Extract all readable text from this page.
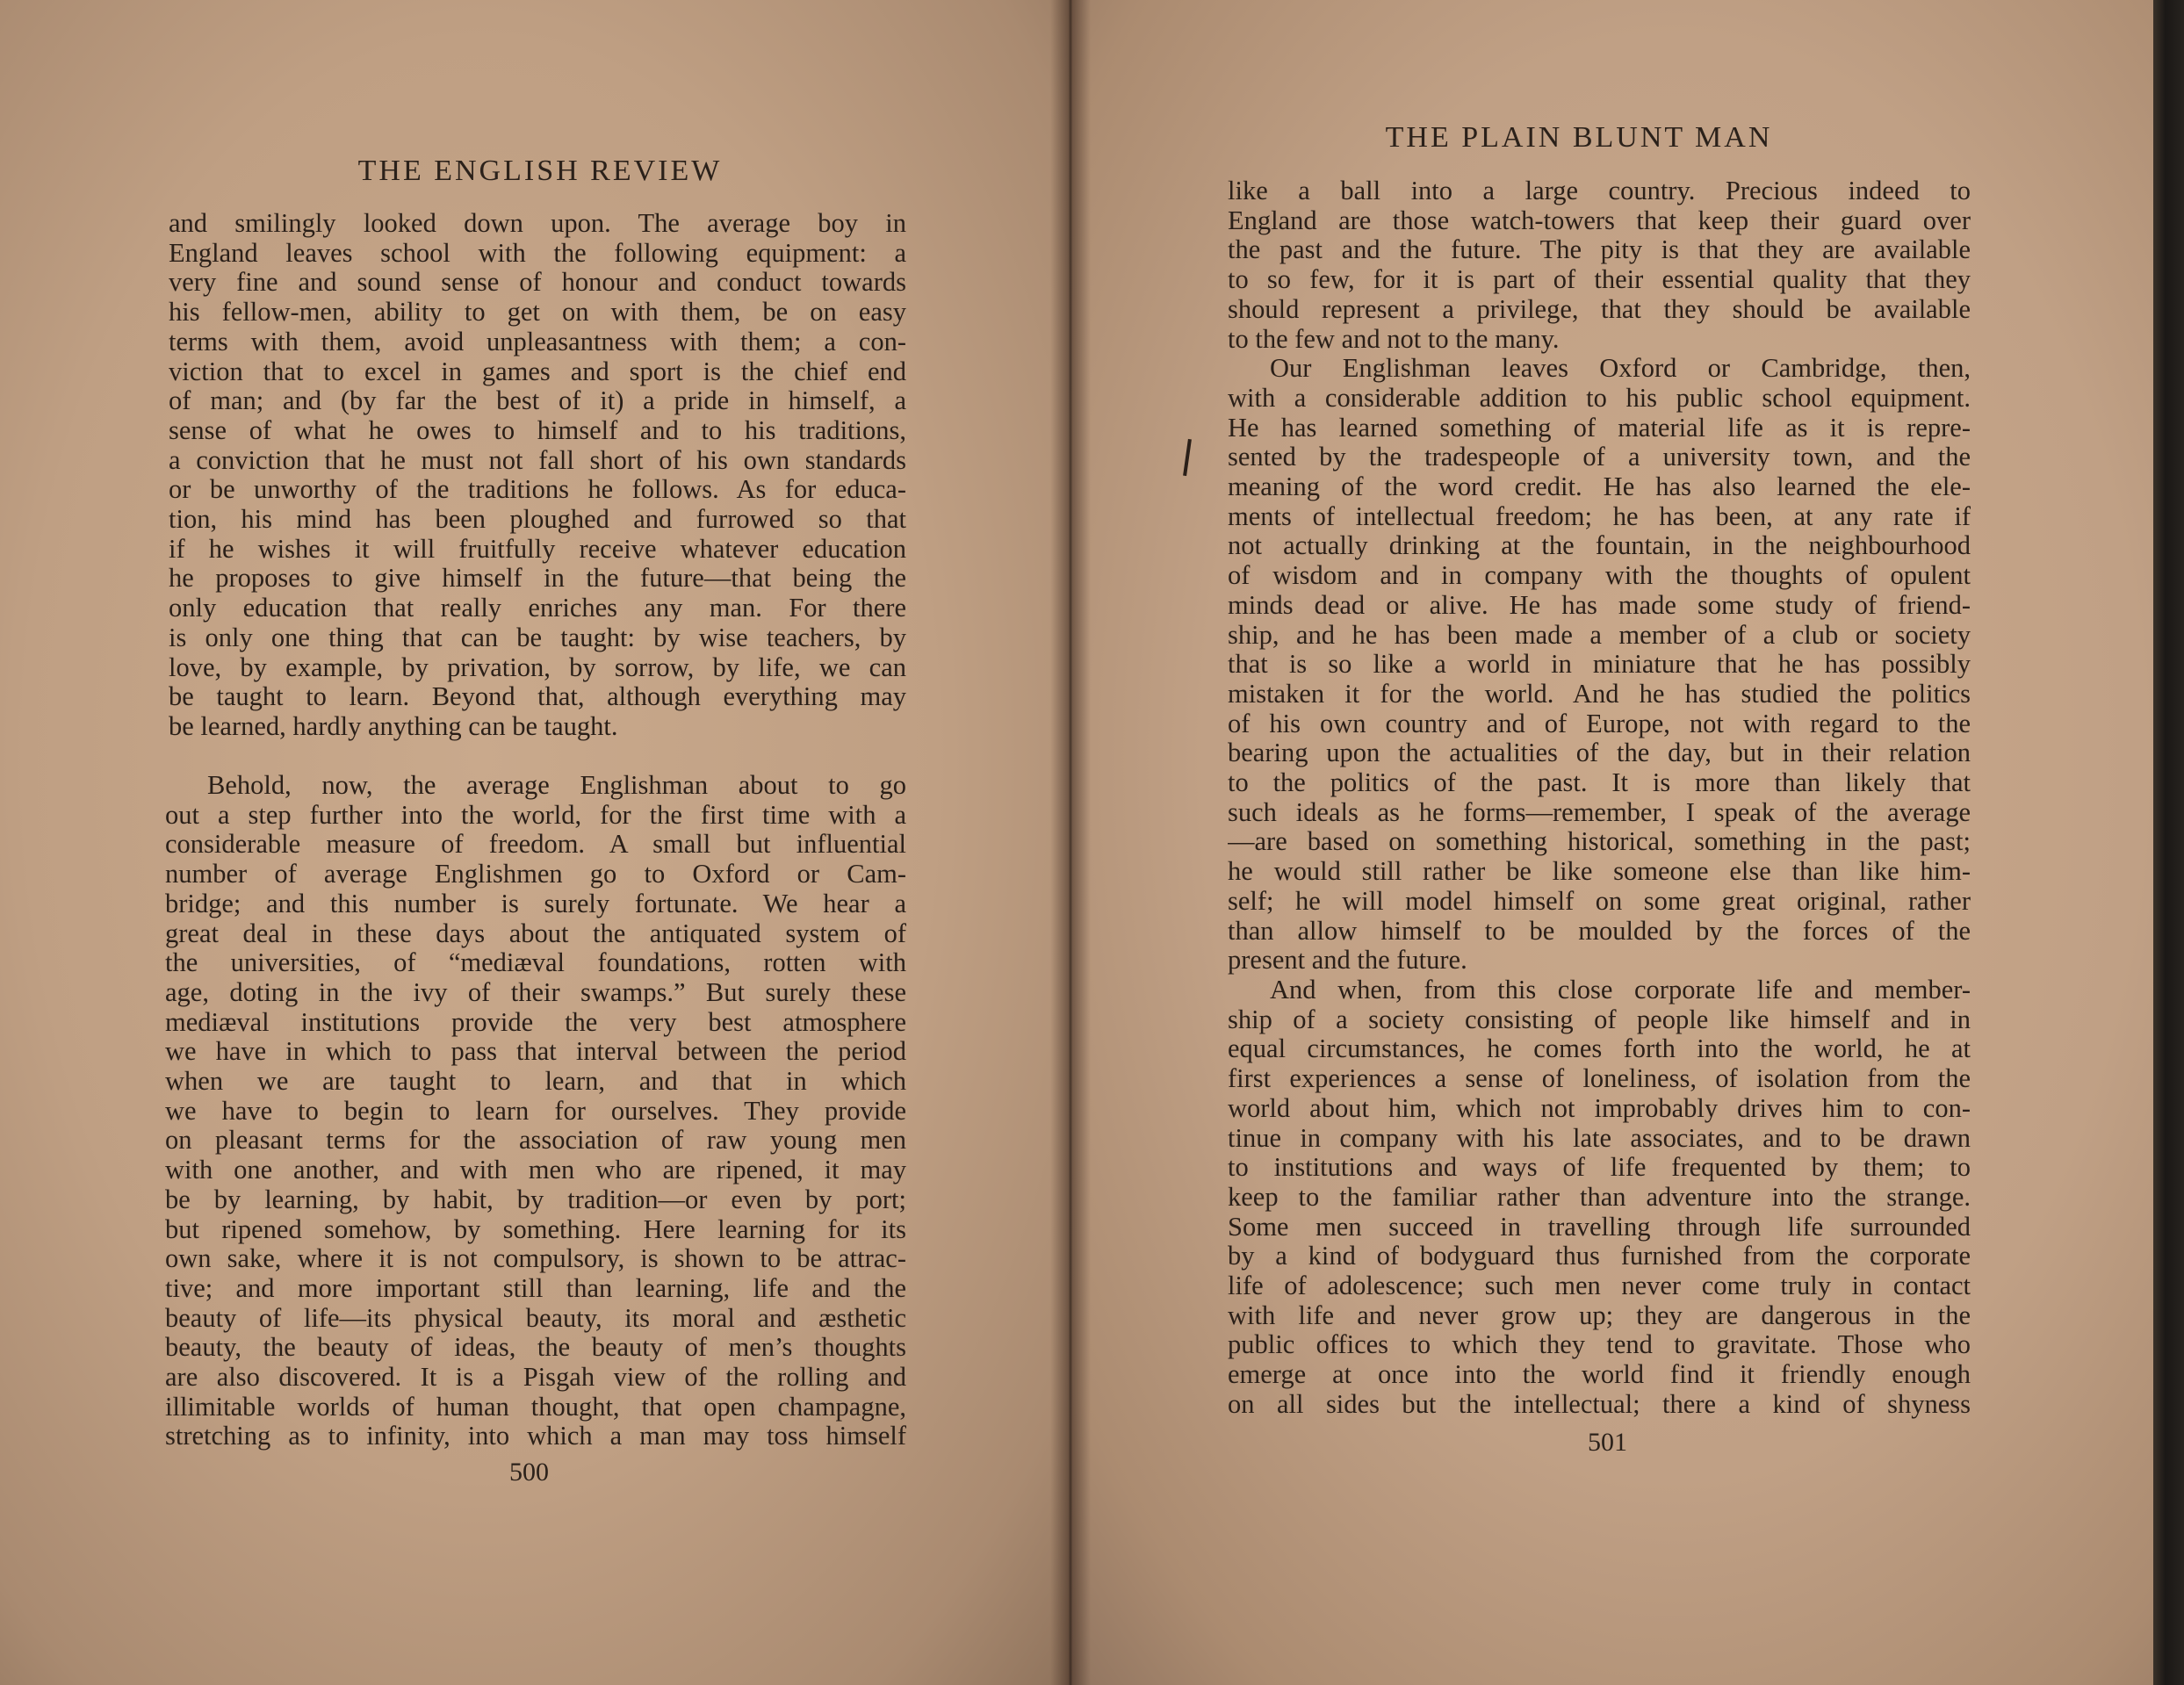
THE ENGLISH REVIEW
and smilingly looked down upon. The average boy in
England leaves school with the following equipment: a
very fine and sound sense of honour and conduct towards
his fellow-men, ability to get on with them, be on easy
terms with them, avoid unpleasantness with them; a con-
viction that to excel in games and sport is the chief end
of man; and (by far the best of it) a pride in himself, a
sense of what he owes to himself and to his traditions,
a conviction that he must not fall short of his own standards
or be unworthy of the traditions he follows. As for educa-
tion, his mind has been ploughed and furrowed so that
if he wishes it will fruitfully receive whatever education
he proposes to give himself in the future—that being the
only education that really enriches any man. For there
is only one thing that can be taught: by wise teachers, by
love, by example, by privation, by sorrow, by life, we can
be taught to learn. Beyond that, although everything may
be learned, hardly anything can be taught.
Behold, now, the average Englishman about to go
out a step further into the world, for the first time with a
considerable measure of freedom. A small but influential
number of average Englishmen go to Oxford or Cam-
bridge; and this number is surely fortunate. We hear a
great deal in these days about the antiquated system of
the universities, of “mediæval foundations, rotten with
age, doting in the ivy of their swamps.” But surely these
mediæval institutions provide the very best atmosphere
we have in which to pass that interval between the period
when we are taught to learn, and that in which
we have to begin to learn for ourselves. They provide
on pleasant terms for the association of raw young men
with one another, and with men who are ripened, it may
be by learning, by habit, by tradition—or even by port;
but ripened somehow, by something. Here learning for its
own sake, where it is not compulsory, is shown to be attrac-
tive; and more important still than learning, life and the
beauty of life—its physical beauty, its moral and æsthetic
beauty, the beauty of ideas, the beauty of men’s thoughts
are also discovered. It is a Pisgah view of the rolling and
illimitable worlds of human thought, that open champagne,
stretching as to infinity, into which a man may toss himself
500
THE PLAIN BLUNT MAN
like a ball into a large country. Precious indeed to
England are those watch-towers that keep their guard over
the past and the future. The pity is that they are available
to so few, for it is part of their essential quality that they
should represent a privilege, that they should be available
to the few and not to the many.
Our Englishman leaves Oxford or Cambridge, then,
with a considerable addition to his public school equipment.
He has learned something of material life as it is repre-
sented by the tradespeople of a university town, and the
meaning of the word credit. He has also learned the ele-
ments of intellectual freedom; he has been, at any rate if
not actually drinking at the fountain, in the neighbourhood
of wisdom and in company with the thoughts of opulent
minds dead or alive. He has made some study of friend-
ship, and he has been made a member of a club or society
that is so like a world in miniature that he has possibly
mistaken it for the world. And he has studied the politics
of his own country and of Europe, not with regard to the
bearing upon the actualities of the day, but in their relation
to the politics of the past. It is more than likely that
such ideals as he forms—remember, I speak of the average
—are based on something historical, something in the past;
he would still rather be like someone else than like him-
self; he will model himself on some great original, rather
than allow himself to be moulded by the forces of the
present and the future.
And when, from this close corporate life and member-
ship of a society consisting of people like himself and in
equal circumstances, he comes forth into the world, he at
first experiences a sense of loneliness, of isolation from the
world about him, which not improbably drives him to con-
tinue in company with his late associates, and to be drawn
to institutions and ways of life frequented by them; to
keep to the familiar rather than adventure into the strange.
Some men succeed in travelling through life surrounded
by a kind of bodyguard thus furnished from the corporate
life of adolescence; such men never come truly in contact
with life and never grow up; they are dangerous in the
public offices to which they tend to gravitate. Those who
emerge at once into the world find it friendly enough
on all sides but the intellectual; there a kind of shyness
501
